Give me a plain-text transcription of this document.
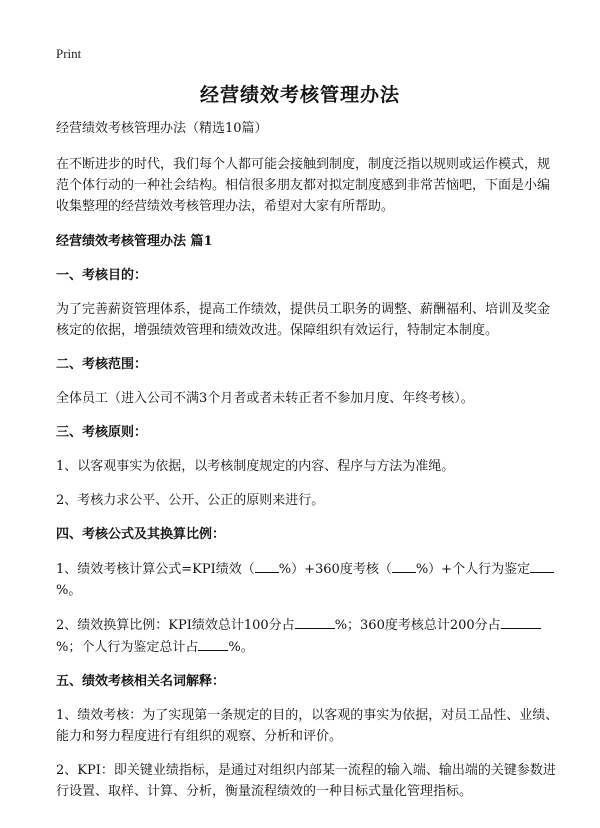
Print
经营绩效考核管理办法

经营绩效考核管理办法（精选10篇）

在不断进步的时代，我们每个人都可能会接触到制度，制度泛指以规则或运作模式，规范个体行动的一种社会结构。相信很多朋友都对拟定制度感到非常苦恼吧，下面是小编收集整理的经营绩效考核管理办法，希望对大家有所帮助。

经营绩效考核管理办法 篇1

一、考核目的：

为了完善薪资管理体系，提高工作绩效，提供员工职务的调整、薪酬福利、培训及奖金核定的依据，增强绩效管理和绩效改进。保障组织有效运行，特制定本制度。

二、考核范围：

全体员工（进入公司不满3个月者或者未转正者不参加月度、年终考核）。

三、考核原则：

1、以客观事实为依据，以考核制度规定的内容、程序与方法为准绳。

2、考核力求公平、公开、公正的原则来进行。

四、考核公式及其换算比例：

1、绩效考核计算公式=KPI绩效（ %）+360度考核（ %）+个人行为鉴定%。

2、绩效换算比例：KPI绩效总计100分占	%；360度考核总计200分占%；个人行为鉴定总计占 %。

五、绩效考核相关名词解释：

1、绩效考核：为了实现第一条规定的目的，以客观的事实为依据，对员工品性、业绩、能力和努力程度进行有组织的观察、分析和评价。

2、KPI：即关键业绩指标，是通过对组织内部某一流程的输入端、输出端的关键参数进行设置、取样、计算、分析，衡量流程绩效的一种目标式量化管理指标。
